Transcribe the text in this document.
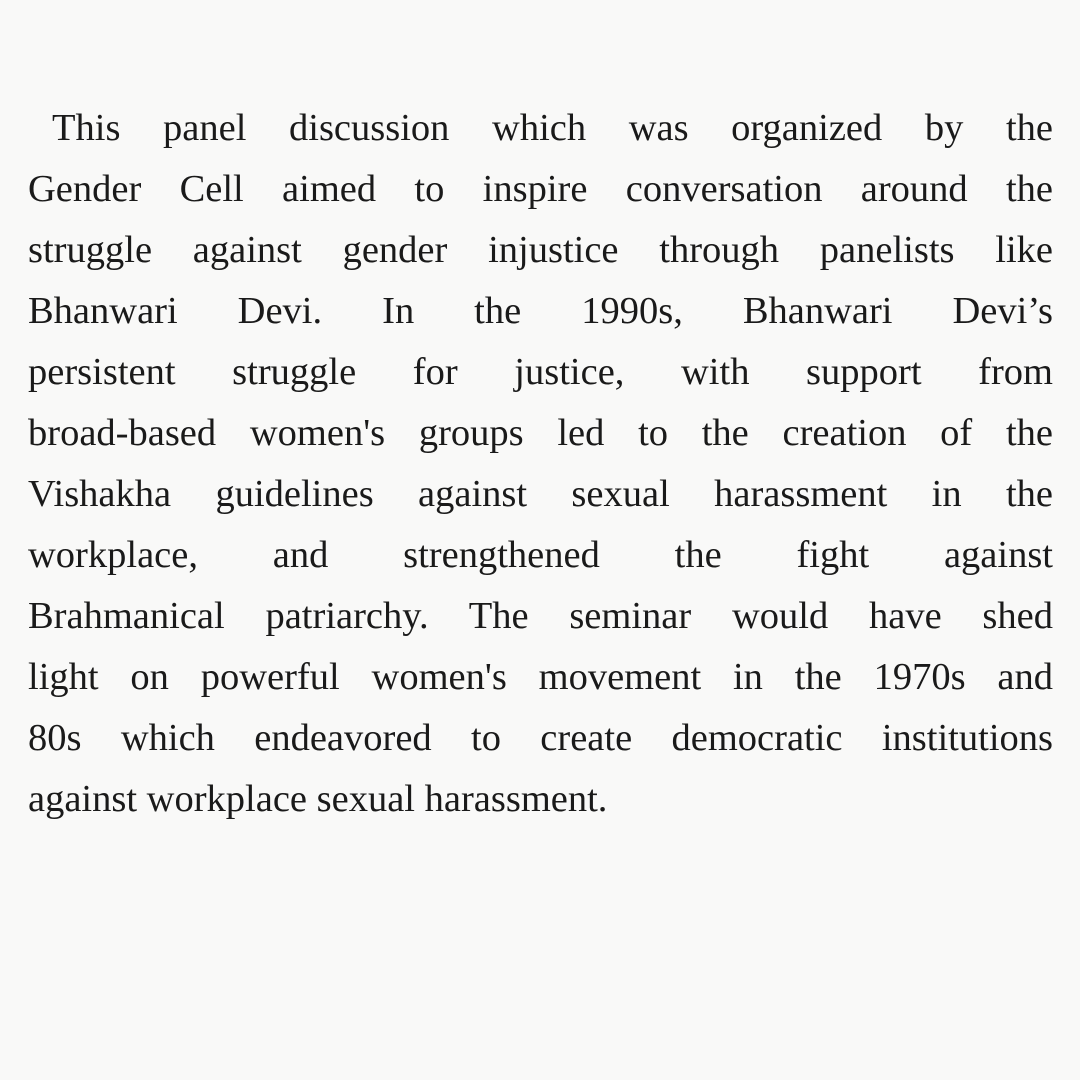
This panel discussion which was organized by the
Gender Cell aimed to inspire conversation around the
struggle against gender injustice through panelists like
Bhanwari Devi. In the 1990s, Bhanwari Devi’s
persistent struggle for justice, with support from
broad-based women's groups led to the creation of the
Vishakha guidelines against sexual harassment in the
workplace, and strengthened the fight against
Brahmanical patriarchy. The seminar would have shed
light on powerful women's movement in the 1970s and
80s which endeavored to create democratic institutions
against workplace sexual harassment.
